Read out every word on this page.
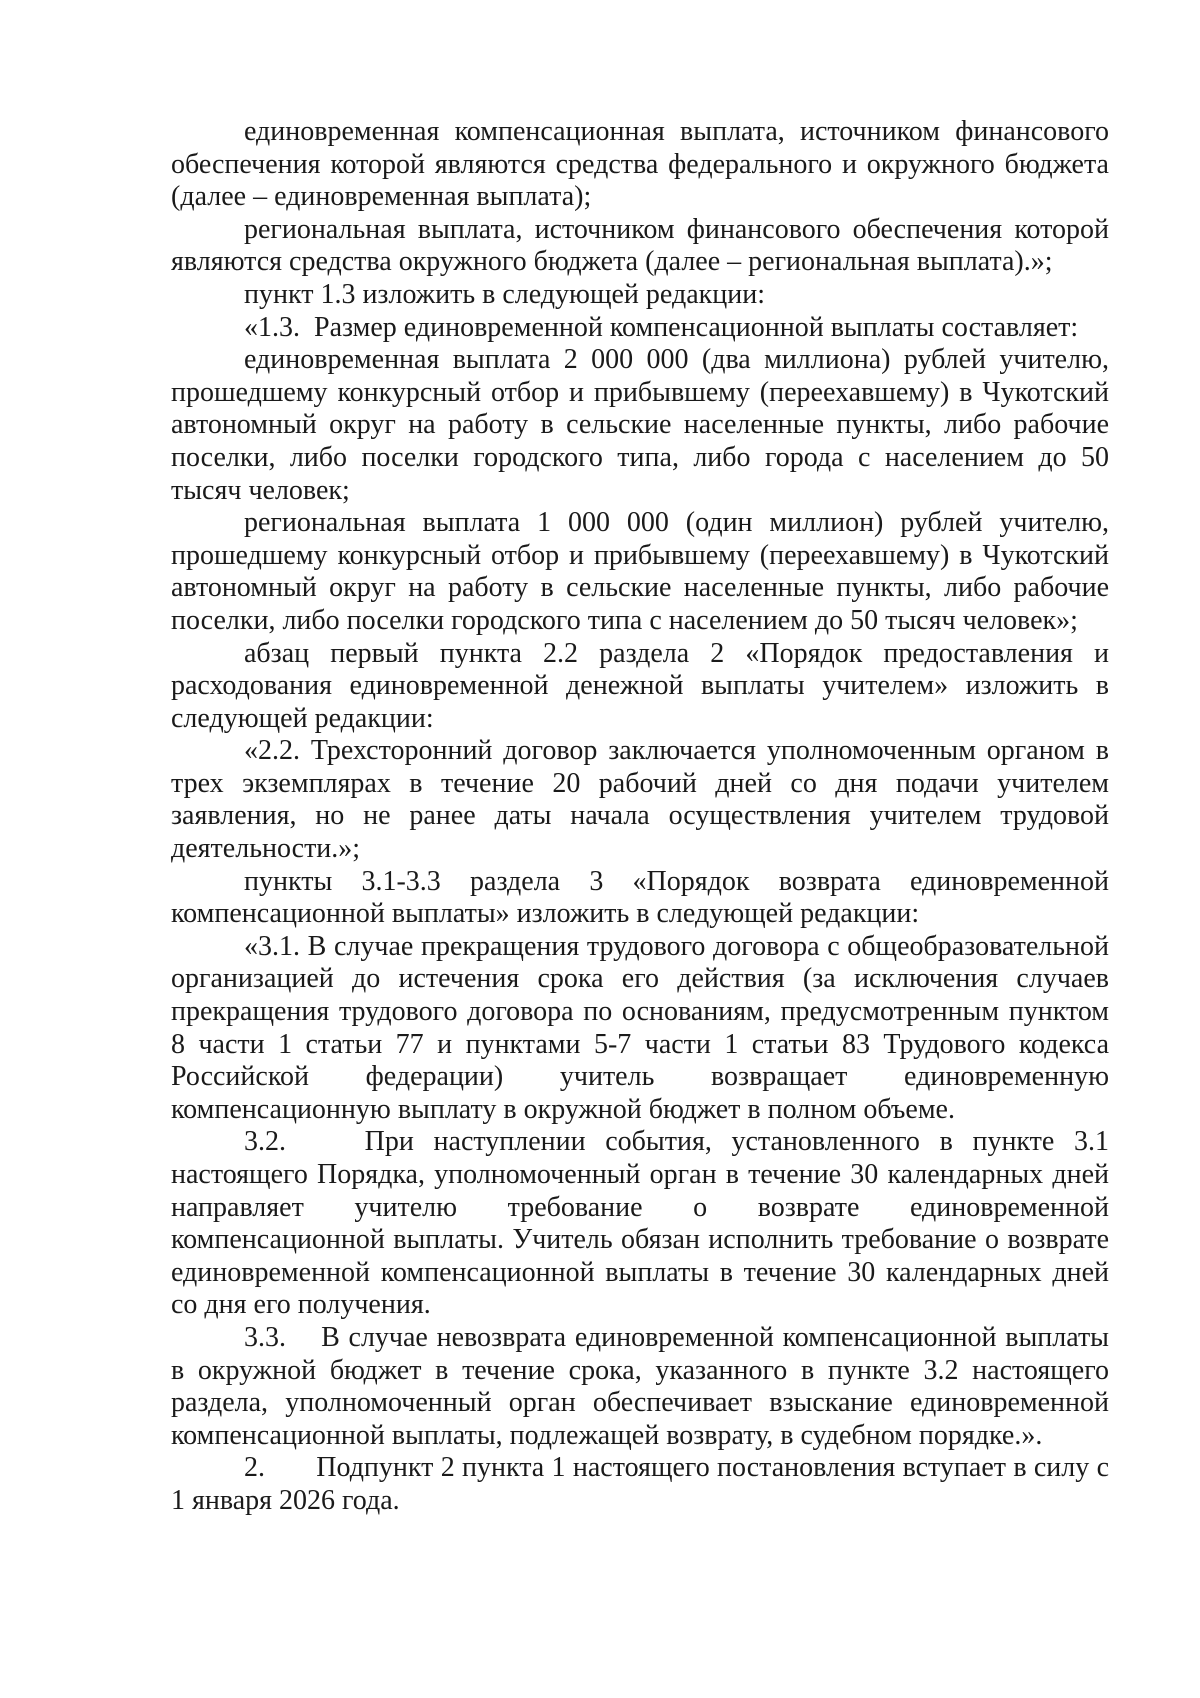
единовременная компенсационная выплата, источником финансового обеспечения которой являются средства федерального и окружного бюджета (далее – единовременная выплата);

региональная выплата, источником финансового обеспечения которой являются средства окружного бюджета (далее – региональная выплата).»;

пункт 1.3 изложить в следующей редакции:

«1.3.  Размер единовременной компенсационной выплаты составляет:

единовременная выплата 2 000 000 (два миллиона) рублей учителю, прошедшему конкурсный отбор и прибывшему (переехавшему) в Чукотский автономный округ на работу в сельские населенные пункты, либо рабочие поселки, либо поселки городского типа, либо города с населением до 50 тысяч человек;

региональная выплата 1 000 000 (один миллион) рублей учителю, прошедшему конкурсный отбор и прибывшему (переехавшему) в Чукотский автономный округ на работу в сельские населенные пункты, либо рабочие поселки, либо поселки городского типа с населением до 50 тысяч человек»;

абзац первый пункта 2.2 раздела 2 «Порядок предоставления и расходования единовременной денежной выплаты учителем» изложить в следующей редакции:

«2.2. Трехсторонний договор заключается уполномоченным органом в трех экземплярах в течение 20 рабочий дней со дня подачи учителем заявления, но не ранее даты начала осуществления учителем трудовой деятельности.»;

пункты 3.1-3.3 раздела 3 «Порядок возврата единовременной компенсационной выплаты» изложить в следующей редакции:

«3.1. В случае прекращения трудового договора с общеобразовательной организацией до истечения срока его действия (за исключения случаев прекращения трудового договора по основаниям, предусмотренным пунктом 8 части 1 статьи 77 и пунктами 5-7 части 1 статьи 83 Трудового кодекса Российской федерации) учитель возвращает единовременную компенсационную выплату в окружной бюджет в полном объеме.

3.2.    При наступлении события, установленного в пункте 3.1 настоящего Порядка, уполномоченный орган в течение 30 календарных дней направляет учителю требование о возврате единовременной компенсационной выплаты. Учитель обязан исполнить требование о возврате единовременной компенсационной выплаты в течение 30 календарных дней со дня его получения.

3.3.    В случае невозврата единовременной компенсационной выплаты в окружной бюджет в течение срока, указанного в пункте 3.2 настоящего раздела, уполномоченный орган обеспечивает взыскание единовременной компенсационной выплаты, подлежащей возврату, в судебном порядке.».

2.       Подпункт 2 пункта 1 настоящего постановления вступает в силу с 1 января 2026 года.
